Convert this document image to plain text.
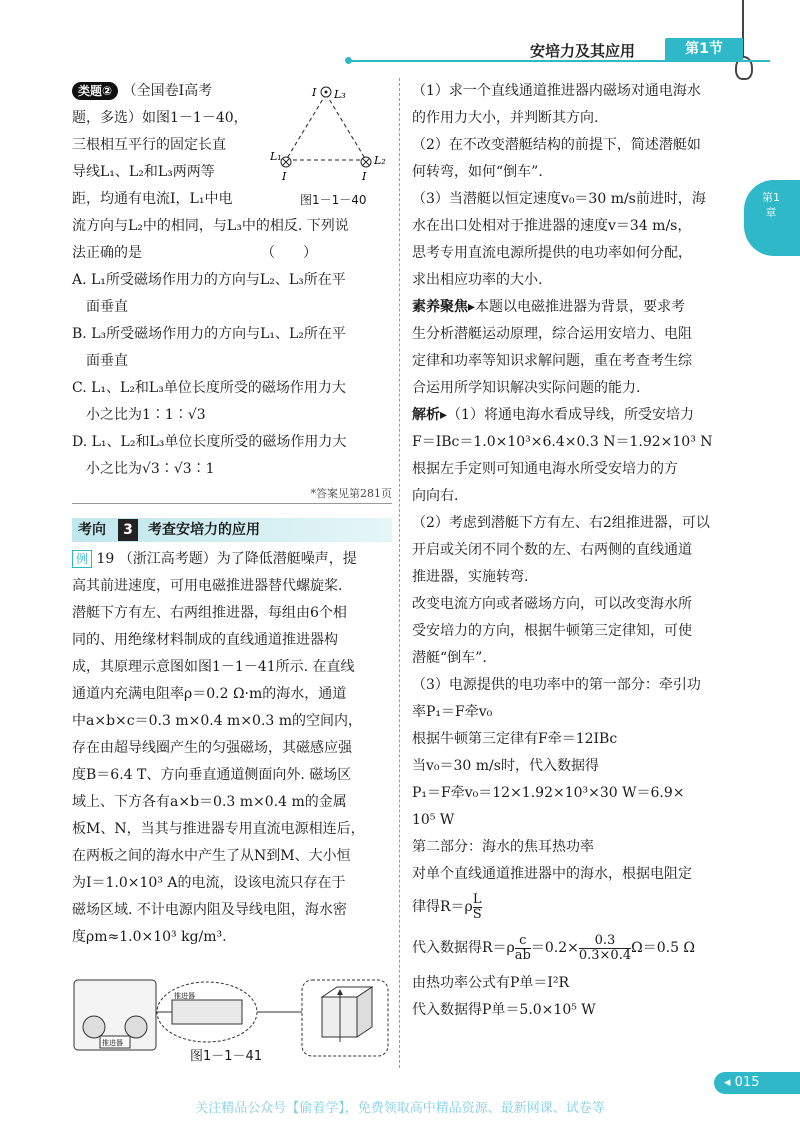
安培力及其应用	第1节
第1章

类题② （全国卷Ⅰ高考

题，多选）如图1－1－40，

三根相互平行的固定长直

导线L₁、L₂和L₃两两等

距，均通有电流I，L₁中电

流方向与L₂中的相同，与L₃中的相反. 下列说

法正确的是　　　　　　　　　（　　）

A. L₁所受磁场作用力的方向与L₂、L₃所在平

　面垂直

B. L₃所受磁场作用力的方向与L₁、L₂所在平

　面垂直

C. L₁、L₂和L₃单位长度所受的磁场作用力大

　小之比为1∶1∶√3

D. L₁、L₂和L₃单位长度所受的磁场作用力大

　小之比为√3∶√3∶1

*答案见第281页
考向	3	考查安培力的应用

例 19 （浙江高考题）为了降低潜艇噪声，提

高其前进速度，可用电磁推进器替代螺旋桨.

潜艇下方有左、右两组推进器，每组由6个相

同的、用绝缘材料制成的直线通道推进器构

成，其原理示意图如图1－1－41所示. 在直线

通道内充满电阻率ρ＝0.2 Ω·m的海水，通道

中a×b×c＝0.3 m×0.4 m×0.3 m的空间内，

存在由超导线圈产生的匀强磁场，其磁感应强

度B＝6.4 T、方向垂直通道侧面向外. 磁场区

域上、下方各有a×b＝0.3 m×0.4 m的金属

板M、N，当其与推进器专用直流电源相连后，

在两板之间的海水中产生了从N到M、大小恒

为I＝1.0×10³ A的电流，设该电流只存在于

磁场区域. 不计电源内阻及导线电阻，海水密

度ρm≈1.0×10³ kg/m³.

I L₃
L₁
I
L₂
I
图1－1－40
推进器
推进器
图1－1－41

（1）求一个直线通道推进器内磁场对通电海水

的作用力大小，并判断其方向.

（2）在不改变潜艇结构的前提下，简述潜艇如

何转弯，如何“倒车”.

（3）当潜艇以恒定速度v₀＝30 m/s前进时，海

水在出口处相对于推进器的速度v＝34 m/s，

思考专用直流电源所提供的电功率如何分配，

求出相应功率的大小.

素养聚焦▸本题以电磁推进器为背景，要求考

生分析潜艇运动原理，综合运用安培力、电阻

定律和功率等知识求解问题，重在考查考生综

合运用所学知识解决实际问题的能力.

解析▸（1）将通电海水看成导线，所受安培力

F＝IBc＝1.0×10³×6.4×0.3 N＝1.92×10³ N

根据左手定则可知通电海水所受安培力的方

向向右.

（2）考虑到潜艇下方有左、右2组推进器，可以

开启或关闭不同个数的左、右两侧的直线通道

推进器，实施转弯.

改变电流方向或者磁场方向，可以改变海水所

受安培力的方向，根据牛顿第三定律知，可使

潜艇“倒车”.

（3）电源提供的电功率中的第一部分：牵引功

率P₁＝F牵v₀

根据牛顿第三定律有F牵＝12IBc

当v₀＝30 m/s时，代入数据得

P₁＝F牵v₀＝12×1.92×10³×30 W＝6.9×

10⁵ W

第二部分：海水的焦耳热功率

对单个直线通道推进器中的海水，根据电阻定

律得$R=\rho \frac{L}{S}$

代入数据得$R=\rho \frac{c}{ab} =0.2\times \frac{0.3}{0.3\times 0.4} \Omega=0.5$ Ω

由热功率公式有P单＝I²R

代入数据得P单＝5.0×10⁵ W

◂ 015
关注精品公众号【偷着学】，免费领取高中精品资源、最新网课、试卷等
